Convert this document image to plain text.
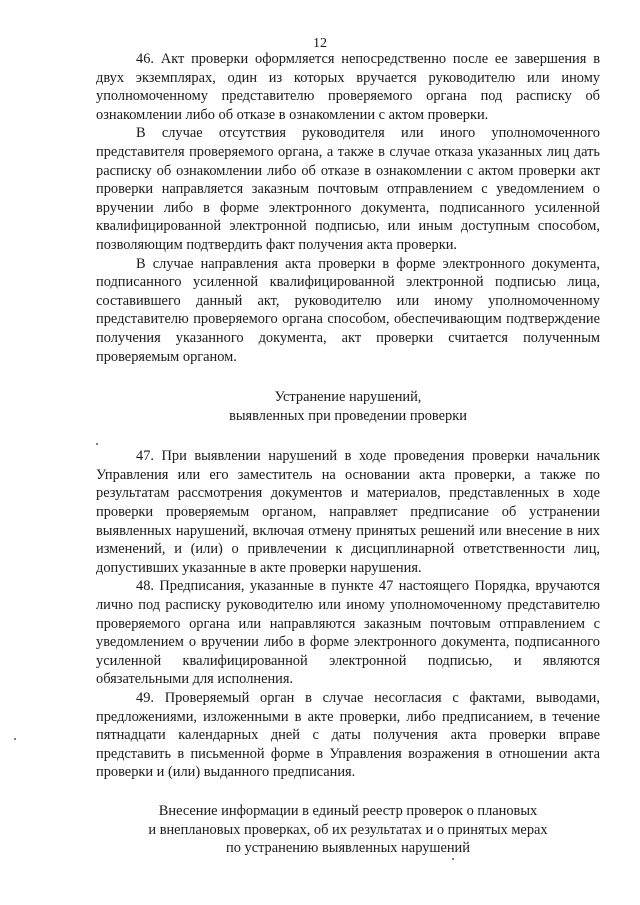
12

46. Акт проверки оформляется непосредственно после ее завершения в двух экземплярах, один из которых вручается руководителю или иному уполномоченному представителю проверяемого органа под расписку об ознакомлении либо об отказе в ознакомлении с актом проверки.

В случае отсутствия руководителя или иного уполномоченного представителя проверяемого органа, а также в случае отказа указанных лиц дать расписку об ознакомлении либо об отказе в ознакомлении с актом проверки акт проверки направляется заказным почтовым отправлением с уведомлением о вручении либо в форме электронного документа, подписанного усиленной квалифицированной электронной подписью, или иным доступным способом, позволяющим подтвердить факт получения акта проверки.

В случае направления акта проверки в форме электронного документа, подписанного усиленной квалифицированной электронной подписью лица, составившего данный акт, руководителю или иному уполномоченному представителю проверяемого органа способом, обеспечивающим подтверждение получения указанного документа, акт проверки считается полученным проверяемым органом.

Устранение нарушений,
выявленных при проведении проверки

47. При выявлении нарушений в ходе проведения проверки начальник Управления или его заместитель на основании акта проверки, а также по результатам рассмотрения документов и материалов, представленных в ходе проверки проверяемым органом, направляет предписание об устранении выявленных нарушений, включая отмену принятых решений или внесение в них изменений, и (или) о привлечении к дисциплинарной ответственности лиц, допустивших указанные в акте проверки нарушения.

48. Предписания, указанные в пункте 47 настоящего Порядка, вручаются лично под расписку руководителю или иному уполномоченному представителю проверяемого органа или направляются заказным почтовым отправлением с уведомлением о вручении либо в форме электронного документа, подписанного усиленной квалифицированной электронной подписью, и являются обязательными для исполнения.

49. Проверяемый орган в случае несогласия с фактами, выводами, предложениями, изложенными в акте проверки, либо предписанием, в течение пятнадцати календарных дней с даты получения акта проверки вправе представить в письменной форме в Управления возражения в отношении акта проверки и (или) выданного предписания.

Внесение информации в единый реестр проверок о плановых
и внеплановых проверках, об их результатах и о принятых мерах
по устранению выявленных нарушений
